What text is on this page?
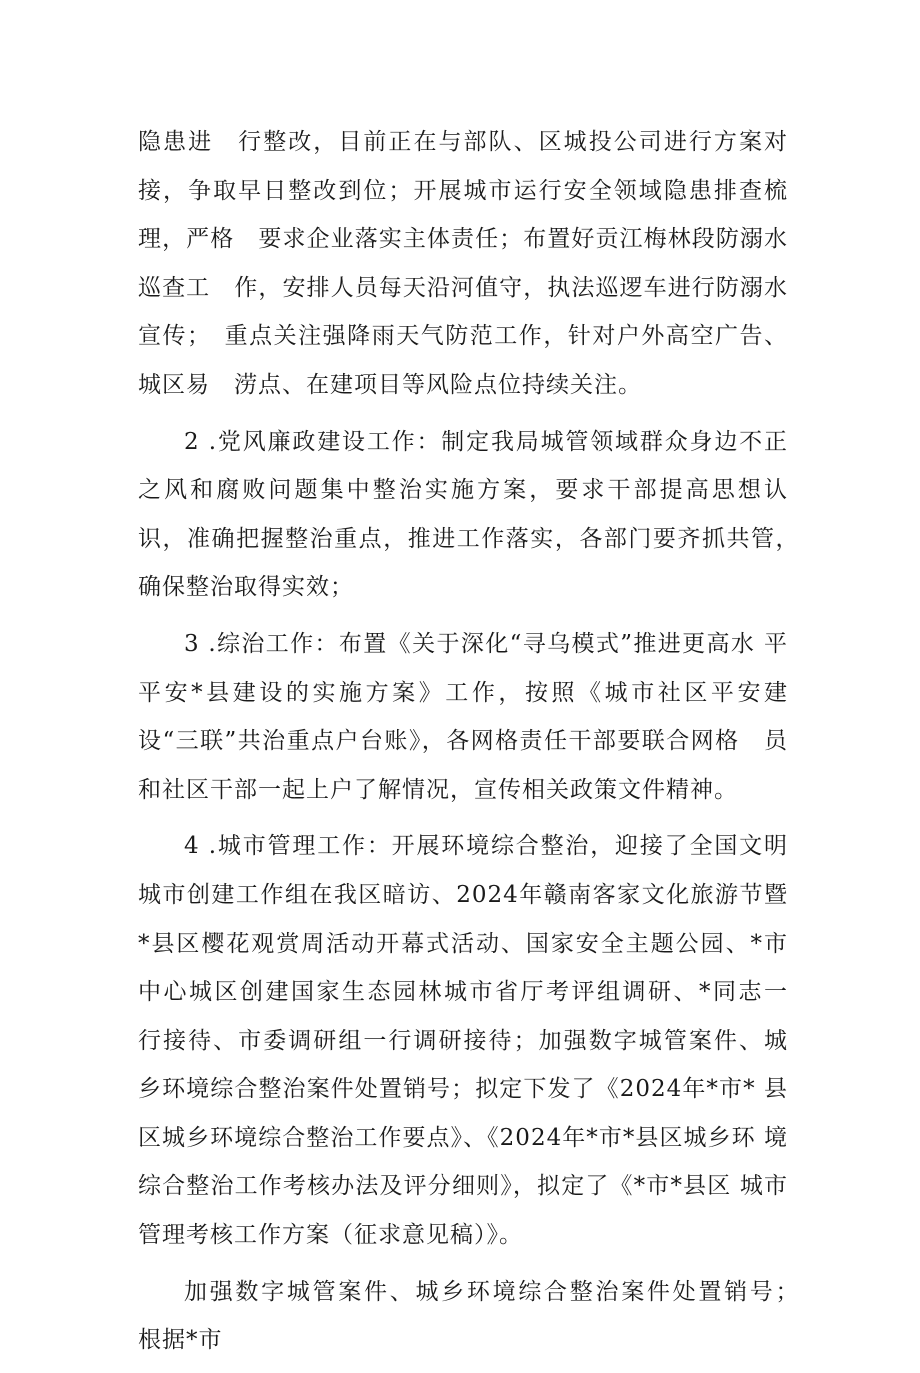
隐患进　行整改，目前正在与部队、区城投公司进行方案对接，争取早日整改到位；开展城市运行安全领域隐患排查梳理，严格　要求企业落实主体责任；布置好贡江梅林段防溺水巡查工　作，安排人员每天沿河值守，执法巡逻车进行防溺水宣传；　重点关注强降雨天气防范工作，针对户外高空广告、城区易　涝点、在建项目等风险点位持续关注。

2 .党风廉政建设工作：制定我局城管领域群众身边不正 之风和腐败问题集中整治实施方案，要求干部提高思想认　识，准确把握整治重点，推进工作落实，各部门要齐抓共管，　确保整治取得实效；

3 .综治工作：布置《关于深化“寻乌模式”推进更高水 平平安*县建设的实施方案》工作，按照《城市社区平安建 设“三联”共治重点户台账》，各网格责任干部要联合网格　员和社区干部一起上户了解情况，宣传相关政策文件精神。

4 .城市管理工作：开展环境综合整治，迎接了全国文明 城市创建工作组在我区暗访、2024年赣南客家文化旅游节暨 *县区樱花观赏周活动开幕式活动、国家安全主题公园、*市 中心城区创建国家生态园林城市省厅考评组调研、*同志一　行接待、市委调研组一行调研接待；加强数字城管案件、城　乡环境综合整治案件处置销号；拟定下发了《2024年*市* 县区城乡环境综合整治工作要点》、《2024年*市*县区城乡环 境综合整治工作考核办法及评分细则》，拟定了《*市*县区 城市管理考核工作方案（征求意见稿）》。

加强数字城管案件、城乡环境综合整治案件处置销号；　根据*市
